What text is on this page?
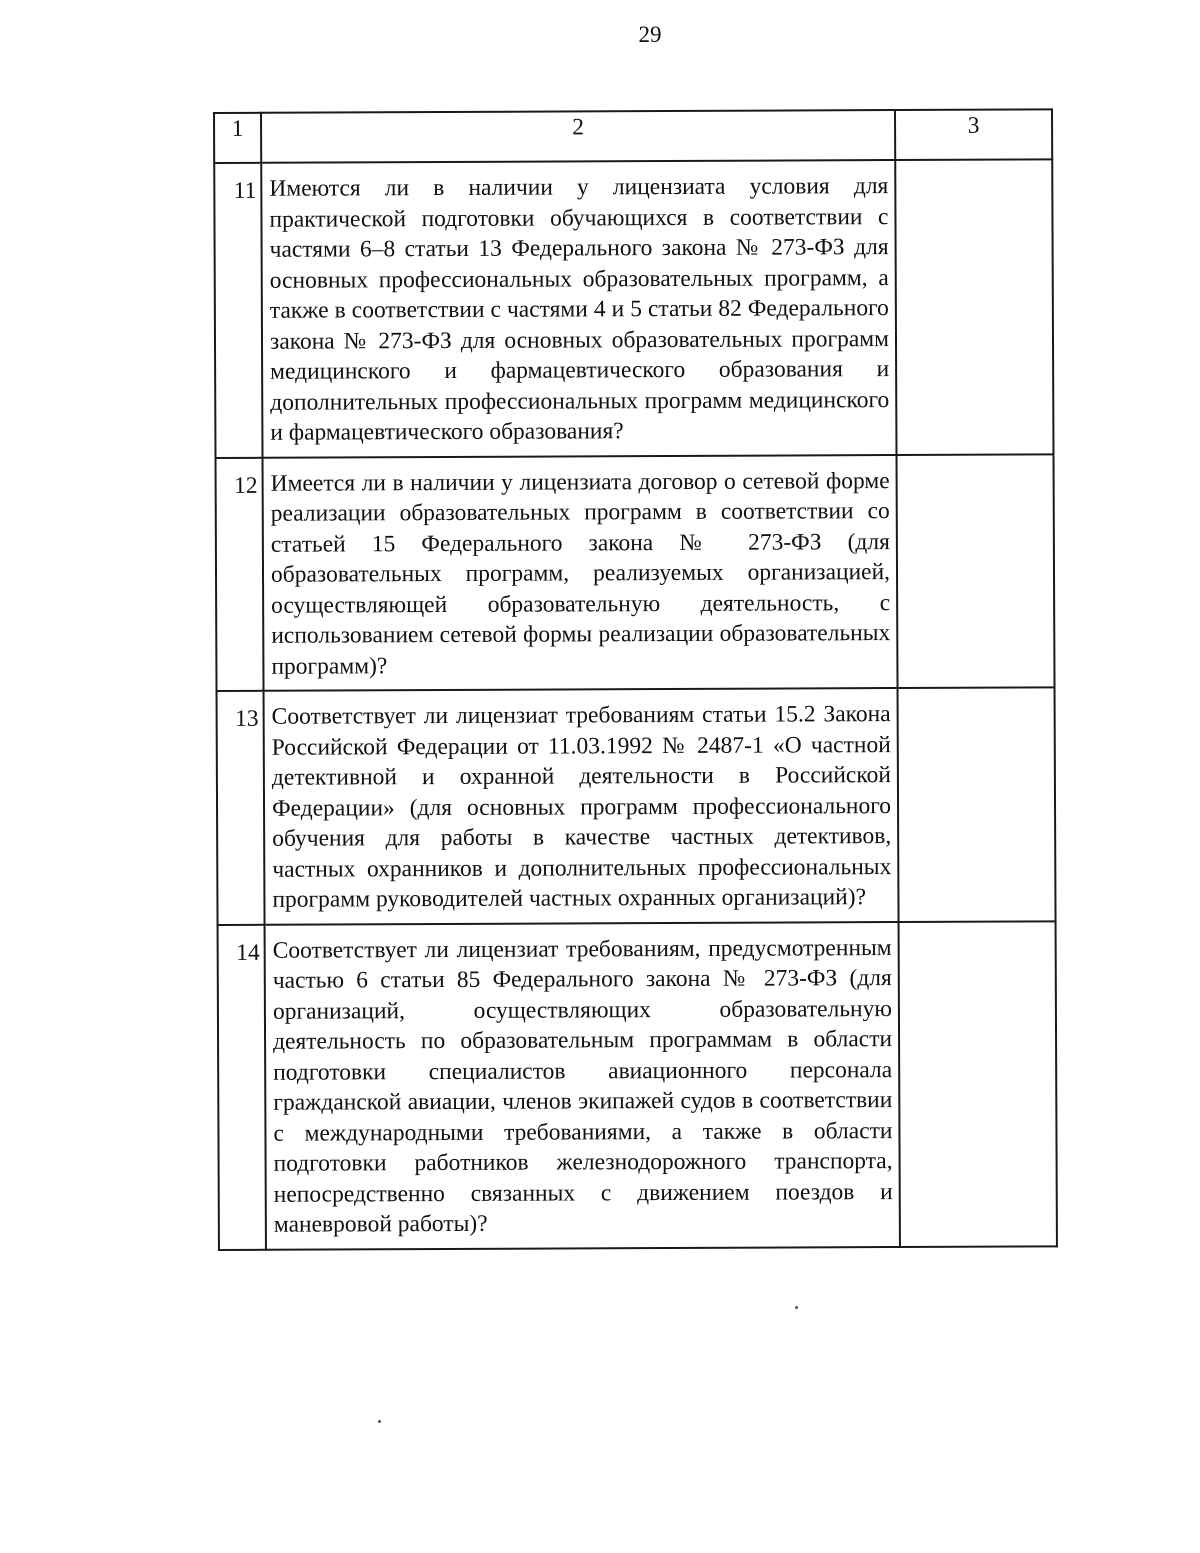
29
1	2	3
11	Имеются ли в наличии у лицензиата условия для практической подготовки обучающихся в соответствии с частями 6–8 статьи 13 Федерального закона № 273-ФЗ для основных профессиональных образовательных программ, а также в соответствии с частями 4 и 5 статьи 82 Федерального закона № 273-ФЗ для основных образовательных программ медицинского и фармацевтического образования и дополнительных профессиональных программ медицинского и фармацевтического образования?	
12	Имеется ли в наличии у лицензиата договор о сетевой форме реализации образовательных программ в соответствии со статьей 15 Федерального закона № 273-ФЗ (для образовательных программ, реализуемых организацией, осуществляющей образовательную деятельность, с использованием сетевой формы реализации образовательных программ)?	
13	Соответствует ли лицензиат требованиям статьи 15.2 Закона Российской Федерации от 11.03.1992 № 2487-1 «О частной детективной и охранной деятельности в Российской Федерации» (для основных программ профессионального обучения для работы в качестве частных детективов, частных охранников и дополнительных профессиональных программ руководителей частных охранных организаций)?	
14	Соответствует ли лицензиат требованиям, предусмотренным частью 6 статьи 85 Федерального закона № 273-ФЗ (для организаций, осуществляющих образовательную деятельность по образовательным программам в области подготовки специалистов авиационного персонала гражданской авиации, членов экипажей судов в соответствии с международными требованиями, а также в области подготовки работников железнодорожного транспорта, непосредственно связанных с движением поездов и маневровой работы)?	
